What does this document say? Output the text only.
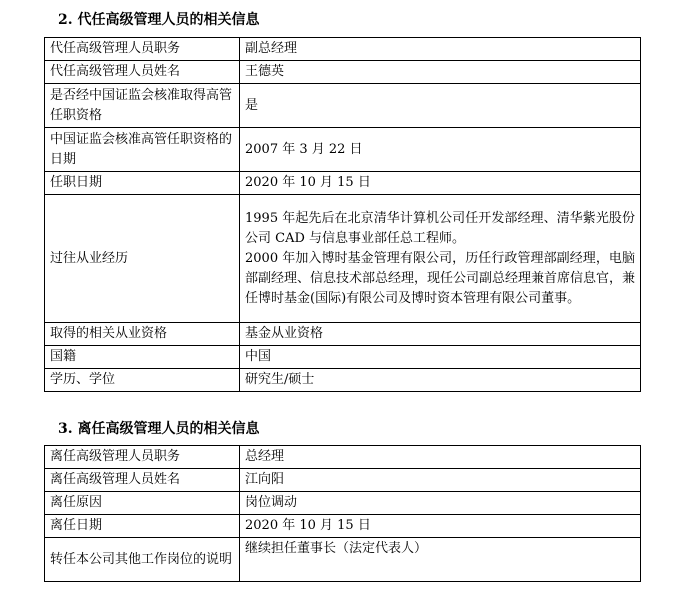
2. 代任高级管理人员的相关信息
代任高级管理人员职务	副总经理
代任高级管理人员姓名	王德英
是否经中国证监会核准取得高管任职资格	是
中国证监会核准高管任职资格的日期	2007 年 3 月 22 日
任职日期	2020 年 10 月 15 日
过往从业经历	1995 年起先后在北京清华计算机公司任开发部经理、清华紫光股份公司 CAD 与信息事业部任总工程师。
2000 年加入博时基金管理有限公司，历任行政管理部副经理，电脑部副经理、信息技术部总经理，现任公司副总经理兼首席信息官，兼任博时基金(国际)有限公司及博时资本管理有限公司董事。

取得的相关从业资格	基金从业资格
国籍	中国
学历、学位	研究生/硕士
3. 离任高级管理人员的相关信息
离任高级管理人员职务	总经理
离任高级管理人员姓名	江向阳
离任原因	岗位调动
离任日期	2020 年 10 月 15 日
转任本公司其他工作岗位的说明	继续担任董事长（法定代表人）
